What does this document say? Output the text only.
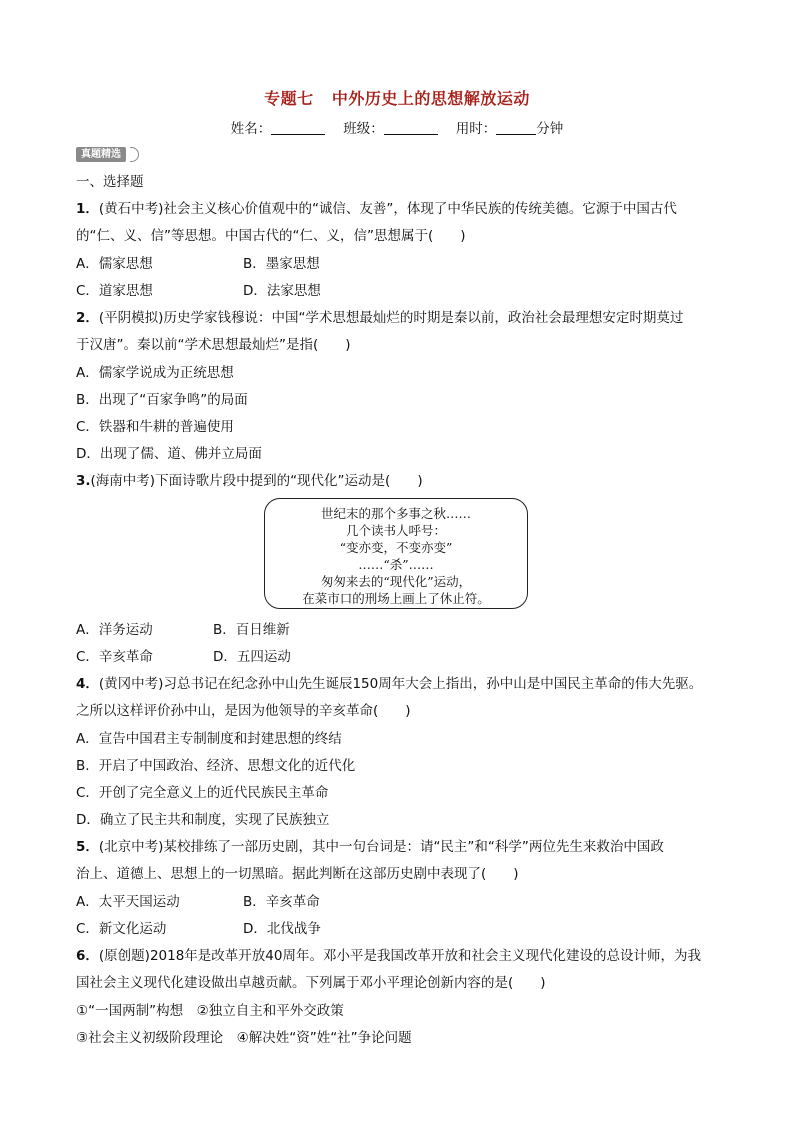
专题七   中外历史上的思想解放运动
姓名：	班级：	用时：	分钟
真题精选
一、选择题
1．(黄石中考)社会主义核心价值观中的“诚信、友善”，体现了中华民族的传统美德。它源于中国古代
的“仁、义、信”等思想。中国古代的“仁、义，信”思想属于(　　)
A．儒家思想	B．墨家思想
C．道家思想	D．法家思想
2．(平阴模拟)历史学家钱穆说：中国“学术思想最灿烂的时期是秦以前，政治社会最理想安定时期莫过
于汉唐”。秦以前“学术思想最灿烂”是指(　　)
A．儒家学说成为正统思想
B．出现了“百家争鸣”的局面
C．铁器和牛耕的普遍使用
D．出现了儒、道、佛并立局面
3.(海南中考)下面诗歌片段中提到的“现代化”运动是(　　)
世纪末的那个多事之秋……
几个读书人呼号：
“变亦变，不变亦变”
……“杀”……
匆匆来去的“现代化”运动，
在菜市口的刑场上画上了休止符。
A．洋务运动	B．百日维新
C．辛亥革命	D．五四运动
4．(黄冈中考)习总书记在纪念孙中山先生诞辰150周年大会上指出，孙中山是中国民主革命的伟大先驱。
之所以这样评价孙中山，是因为他领导的辛亥革命(　　)
A．宣告中国君主专制制度和封建思想的终结
B．开启了中国政治、经济、思想文化的近代化
C．开创了完全意义上的近代民族民主革命
D．确立了民主共和制度，实现了民族独立
5．(北京中考)某校排练了一部历史剧，其中一句台词是：请“民主”和“科学”两位先生来救治中国政
治上、道德上、思想上的一切黑暗。据此判断在这部历史剧中表现了(　　)
A．太平天国运动	B．辛亥革命
C．新文化运动	D．北伐战争
6．(原创题)2018年是改革开放40周年。邓小平是我国改革开放和社会主义现代化建设的总设计师，为我
国社会主义现代化建设做出卓越贡献。下列属于邓小平理论创新内容的是(　　)
①“一国两制”构想　②独立自主和平外交政策
③社会主义初级阶段理论　④解决姓“资”姓“社”争论问题
